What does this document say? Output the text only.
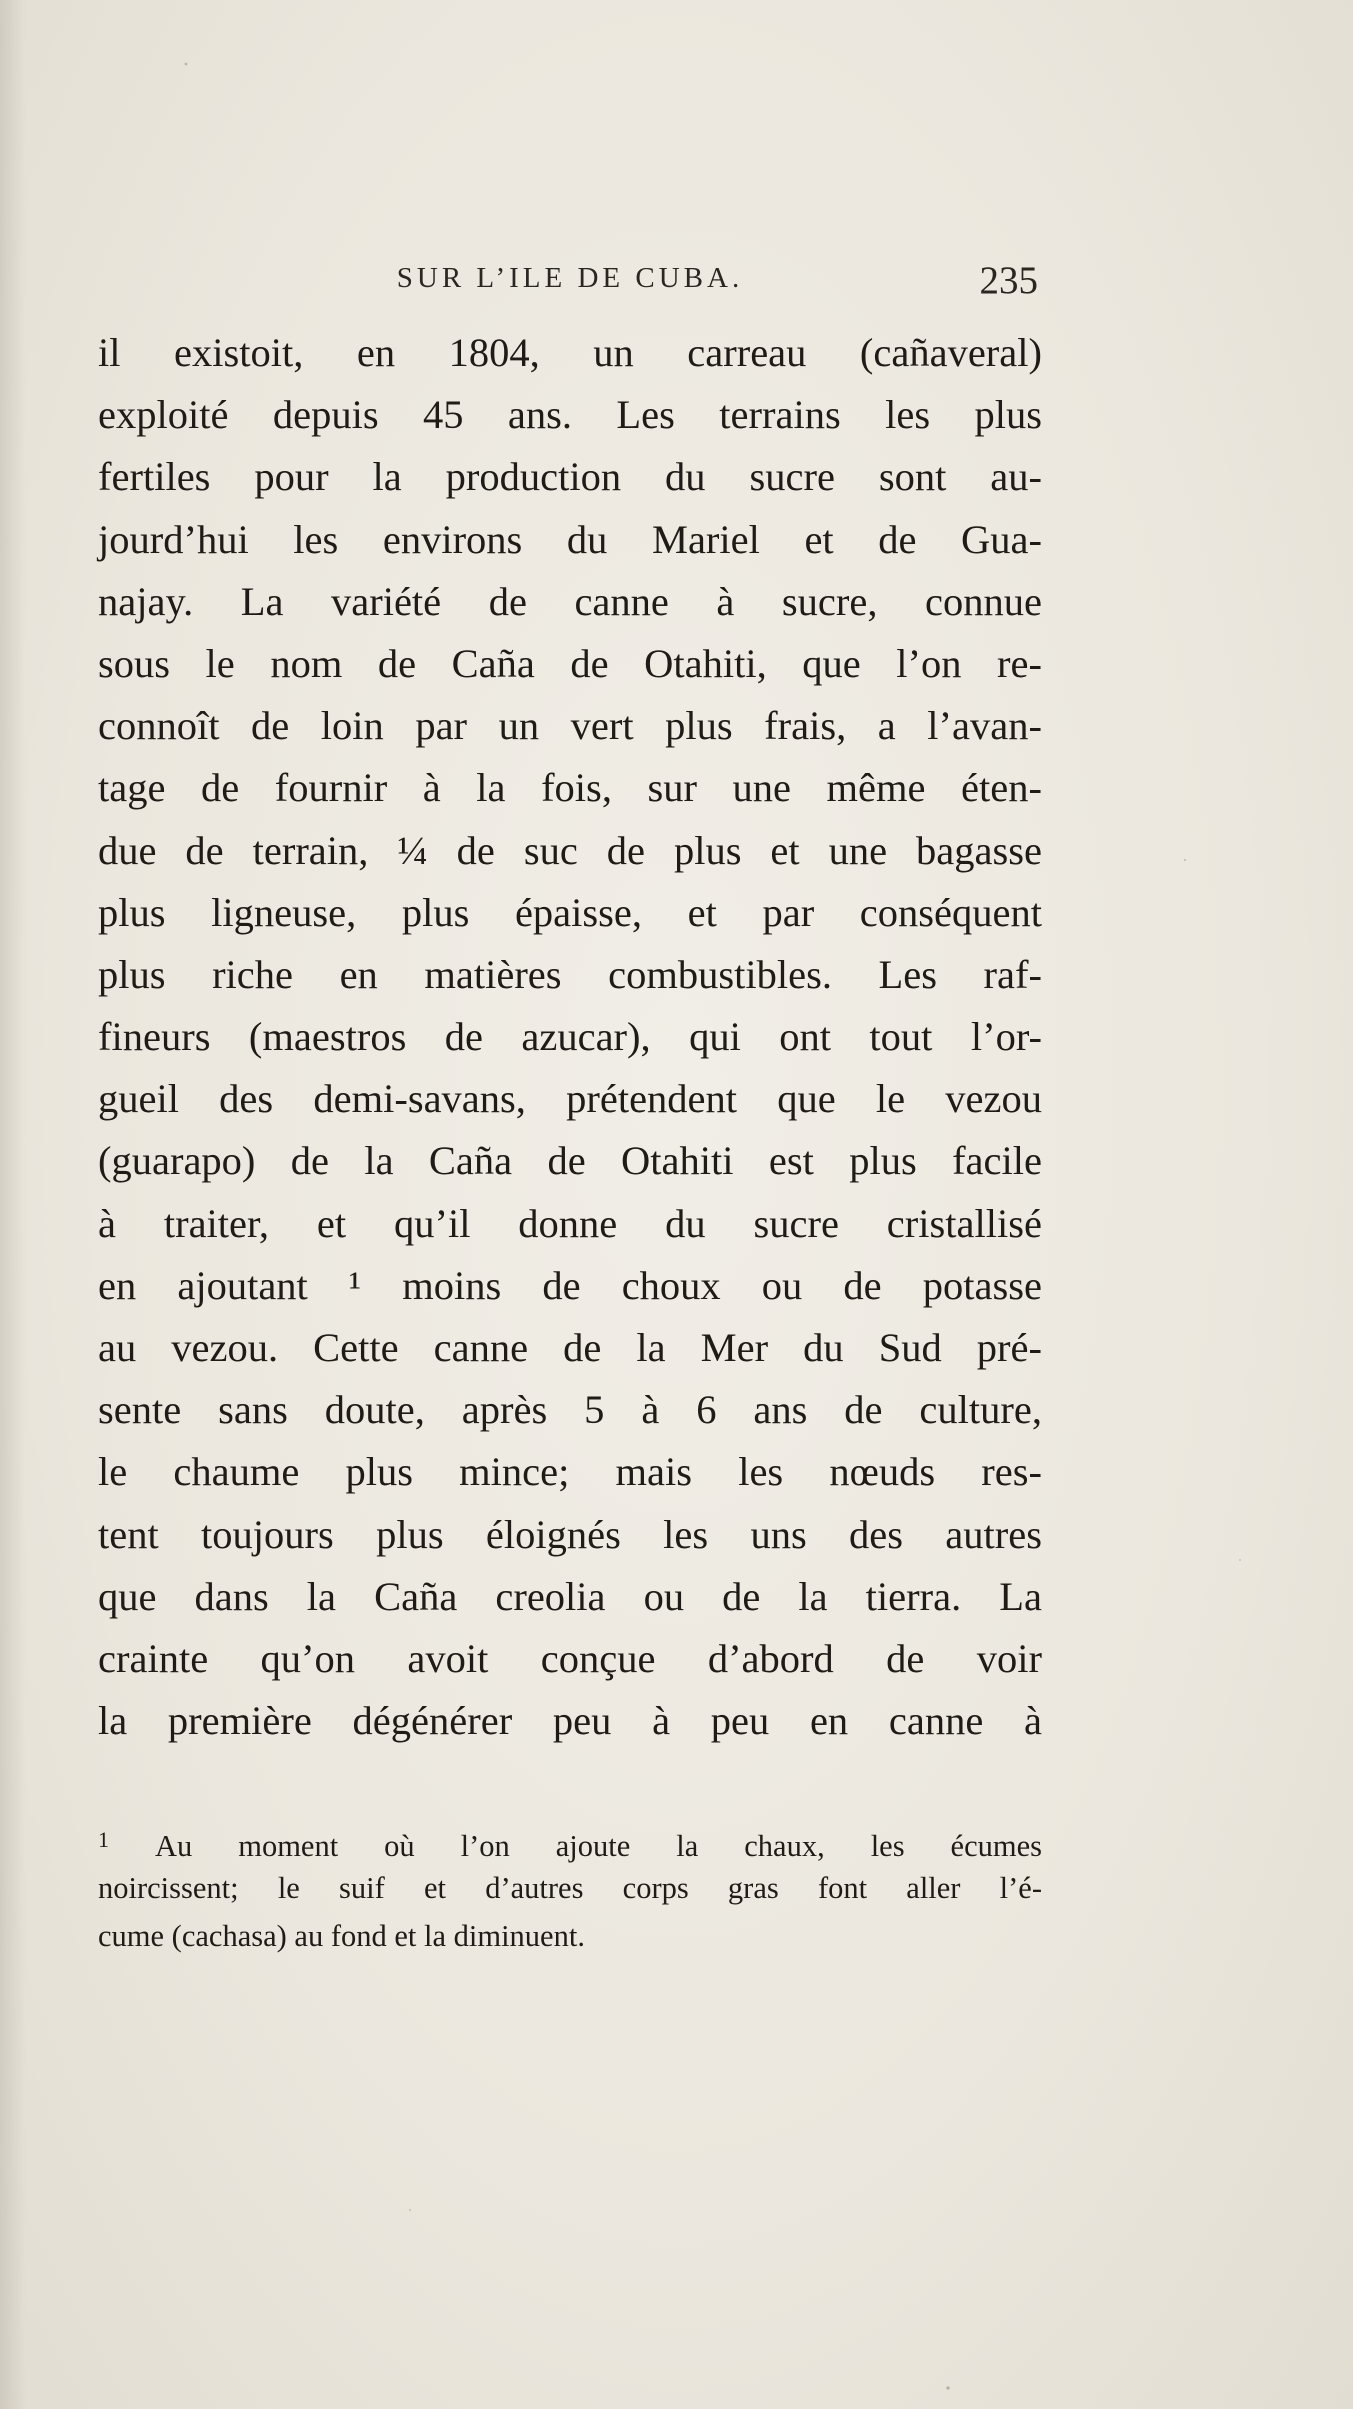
SUR L’ILE DE CUBA.	235
il existoit, en 1804, un carreau (cañaveral)
exploité depuis 45 ans. Les terrains les plus
fertiles pour la production du sucre sont au-
jourd’hui les environs du Mariel et de Gua-
najay. La variété de canne à sucre, connue
sous le nom de Caña de Otahiti, que l’on re-
connoît de loin par un vert plus frais, a l’avan-
tage de fournir à la fois, sur une même éten-
due de terrain, ¼ de suc de plus et une bagasse
plus ligneuse, plus épaisse, et par conséquent
plus riche en matières combustibles. Les raf-
fineurs (maestros de azucar), qui ont tout l’or-
gueil des demi-savans, prétendent que le vezou
(guarapo) de la Caña de Otahiti est plus facile
à traiter, et qu’il donne du sucre cristallisé
en ajoutant ¹ moins de choux ou de potasse
au vezou. Cette canne de la Mer du Sud pré-
sente sans doute, après 5 à 6 ans de culture,
le chaume plus mince; mais les nœuds res-
tent toujours plus éloignés les uns des autres
que dans la Caña creolia ou de la tierra. La
crainte qu’on avoit conçue d’abord de voir
la première dégénérer peu à peu en canne à
$^1$ Au moment où l’on ajoute la chaux, les écumes
noircissent; le suif et d’autres corps gras font aller l’é-
cume (cachasa) au fond et la diminuent.
